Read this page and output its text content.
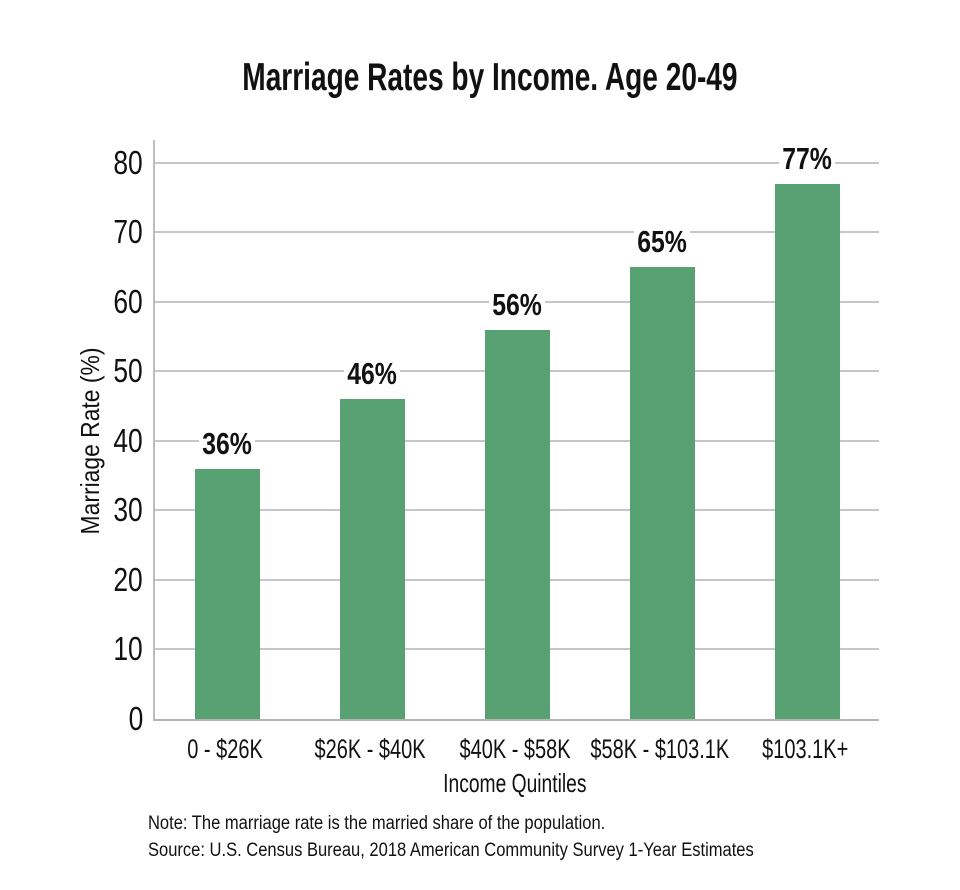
Marriage Rates by Income. Age 20-49
Marriage Rate (%)
0
10
20
30
40
50
60
70
80
36%
46%
56%
65%
77%
0 - $26K	$26K - $40K	$40K - $58K $58K - $103.1K	$103.1K+
Income Quintiles
Note: The marriage rate is the married share of the population.
Source: U.S. Census Bureau, 2018 American Community Survey 1-Year Estimates
